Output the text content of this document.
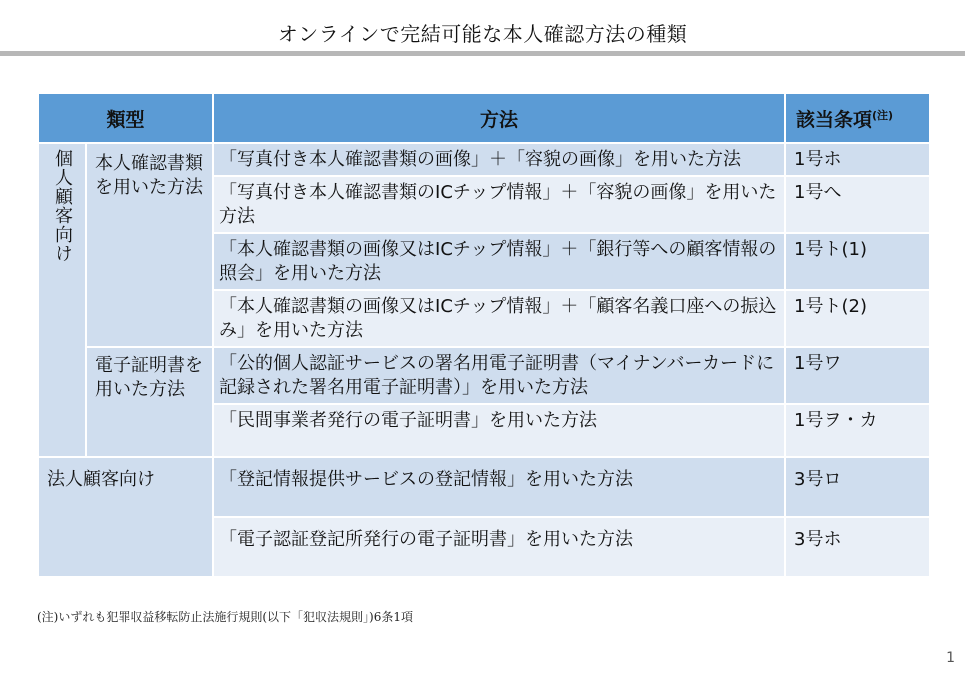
オンラインで完結可能な本人確認方法の種類
類型		方法	該当条項$^{(注)}$
個人顧客向け	本人確認書類を用いた方法	「写真付き本人確認書類の画像」＋「容貌の画像」を用いた方法	1号ホ
		「写真付き本人確認書類のICチップ情報」＋「容貌の画像」を用いた方法	1号へ
		「本人確認書類の画像又はICチップ情報」＋「銀行等への顧客情報の照会」を用いた方法	1号ト(1)
		「本人確認書類の画像又はICチップ情報」＋「顧客名義口座への振込み」を用いた方法	1号ト(2)
	電子証明書を用いた方法	「公的個人認証サービスの署名用電子証明書（マイナンバーカードに記録された署名用電子証明書）」を用いた方法	1号ワ
		「民間事業者発行の電子証明書」を用いた方法	1号ヲ・カ
法人顧客向け		「登記情報提供サービスの登記情報」を用いた方法	3号ロ
		「電子認証登記所発行の電子証明書」を用いた方法	3号ホ
(注)いずれも犯罪収益移転防止法施行規則(以下「犯収法規則」)6条1項
1
